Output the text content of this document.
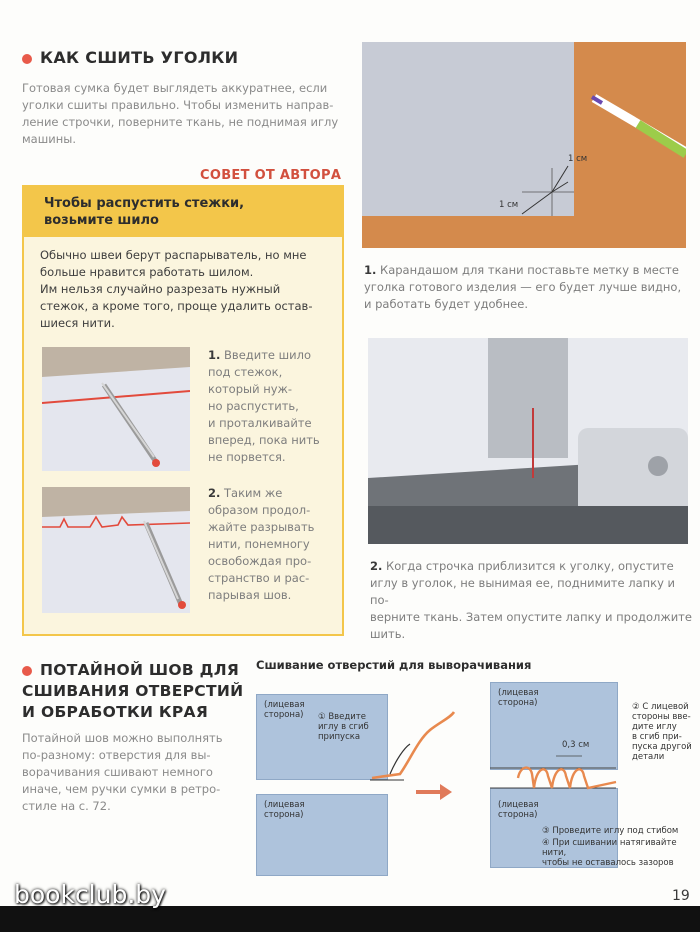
КАК СШИТЬ УГОЛКИ
Готовая сумка будет выглядеть аккуратнее, если
уголки сшиты правильно. Чтобы изменить направ-
ление строчки, поверните ткань, не поднимая иглу
машины.
СОВЕТ ОТ АВТОРА
Чтобы распустить стежки,
возьмите шило
Обычно швеи берут распарыватель, но мне
больше нравится работать шилом.
Им нельзя случайно разрезать нужный
стежок, а кроме того, проще удалить остав-
шиеся нити.
1. Введите шило
под стежок,
который нуж-
но распустить,
и проталкивайте
вперед, пока нить
не порвется.
2. Таким же
образом продол-
жайте разрывать
нити, понемногу
освобождая про-
странство и рас-
парывая шов.
1 см
1 см
1. Карандашом для ткани поставьте метку в месте
уголка готового изделия — его будет лучше видно,
и работать будет удобнее.
2. Когда строчка приблизится к уголку, опустите
иглу в уголок, не вынимая ее, поднимите лапку и по-
верните ткань. Затем опустите лапку и продолжите
шить.
ПОТАЙНОЙ ШОВ ДЛЯ
СШИВАНИЯ ОТВЕРСТИЙ
И ОБРАБОТКИ КРАЯ
Потайной шов можно выполнять
по-разному: отверстия для вы-
ворачивания сшивают немного
иначе, чем ручки сумки в ретро-
стиле на с. 72.
Сшивание отверстий для выворачивания
(лицевая
сторона) ① Введите
иглу в сгиб
припуска
(лицевая
сторона)
(лицевая
сторона)
(лицевая
сторона)
0,3 см
② С лицевой
стороны вве-
дите иглу
в сгиб при-
пуска другой
детали
③ Проведите иглу под стибом
④ При сшивании натягивайте нити,
чтобы не оставалось зазоров
bookclub.by	19
